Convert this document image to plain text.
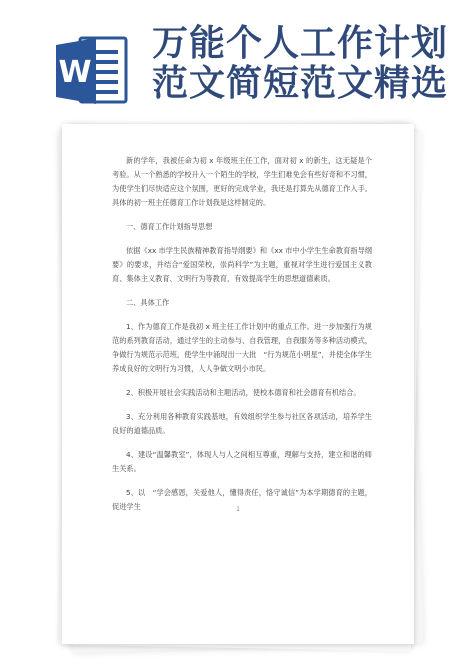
W
万能个人工作计划
范文简短范文精选

新的学年，我被任命为初 x 年级班主任工作，面对初 x 的新生，这无疑是个考验。从一个熟悉的学校升入一个陌生的学校，学生们难免会有些好奇和不习惯，为使学生们尽快适应这个氛围，更好的完成学业，我还是打算先从德育工作入手。具体的初一班主任德育工作计划我是这样制定的。

一、德育工作计划指导思想

依据《xx 市学生民族精神教育指导纲要》和《xx 市中小学生生命教育指导纲要》的要求，并结合“爱国荣校，崇尚科学”为主题，重视对学生进行爱国主义教育、集体主义教育、文明行为等教育，有效提高学生的思想道德素质。

二、具体工作

1、作为德育工作是我初 x 班主任工作计划中的重点工作。进一步加强行为规范的系列教育活动，通过学生的主动参与、自我管理，自我服务等多种活动模式，争做行为规范示范班，使学生中涌现出一大批　“行为规范小明星”，并使全体学生养成良好的文明行为习惯，人人争做文明小市民。

2、积极开展社会实践活动和主题活动，使校本德育和社会德育有机结合。

3、充分利用各种教育实践基地，有效组织学生参与社区各项活动，培养学生良好的道德品质。

4、建设“温馨教室”，体现人与人之间相互尊重，理解与支持，建立和谐的师生关系。

5、以　“学会感恩，关爱他人，懂得责任，恪守诚信”为本学期德育的主题，促进学生	1
